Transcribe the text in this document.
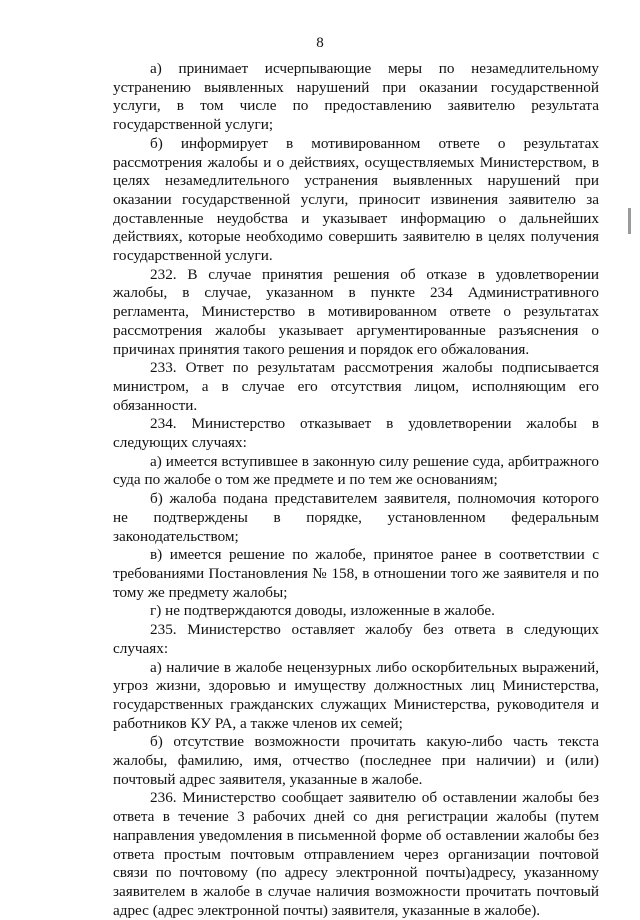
8

а) принимает исчерпывающие меры по незамедлительному устранению выявленных нарушений при оказании государственной услуги, в том числе по предоставлению заявителю результата государственной услуги;

б) информирует в мотивированном ответе о результатах рассмотрения жалобы и о действиях, осуществляемых Министерством, в целях незамедлительного устранения выявленных нарушений при оказании государственной услуги, приносит извинения заявителю за доставленные неудобства и указывает информацию о дальнейших действиях, которые необходимо совершить заявителю в целях получения государственной услуги.

232. В случае принятия решения об отказе в удовлетворении жалобы, в случае, указанном в пункте 234 Административного регламента, Министерство в мотивированном ответе о результатах рассмотрения жалобы указывает аргументированные разъяснения о причинах принятия такого решения и порядок его обжалования.

233. Ответ по результатам рассмотрения жалобы подписывается министром, а в случае его отсутствия лицом, исполняющим его обязанности.

234. Министерство отказывает в удовлетворении жалобы в следующих случаях:

а) имеется вступившее в законную силу решение суда, арбитражного суда по жалобе о том же предмете и по тем же основаниям;

б) жалоба подана представителем заявителя, полномочия которого не подтверждены в порядке, установленном федеральным законодательством;

в) имеется решение по жалобе, принятое ранее в соответствии с требованиями Постановления № 158, в отношении того же заявителя и по тому же предмету жалобы;

г) не подтверждаются доводы, изложенные в жалобе.

235. Министерство оставляет жалобу без ответа в следующих случаях:

а) наличие в жалобе нецензурных либо оскорбительных выражений, угроз жизни, здоровью и имуществу должностных лиц Министерства, государственных гражданских служащих Министерства, руководителя и работников КУ РА, а также членов их семей;

б) отсутствие возможности прочитать какую-либо часть текста жалобы, фамилию, имя, отчество (последнее при наличии) и (или) почтовый адрес заявителя, указанные в жалобе.

236. Министерство сообщает заявителю об оставлении жалобы без ответа в течение 3 рабочих дней со дня регистрации жалобы (путем направления уведомления в письменной форме об оставлении жалобы без ответа простым почтовым отправлением через организации почтовой связи по почтовому (по адресу электронной почты)адресу, указанному заявителем в жалобе в случае наличия возможности прочитать почтовый адрес (адрес электронной почты) заявителя, указанные в жалобе).
